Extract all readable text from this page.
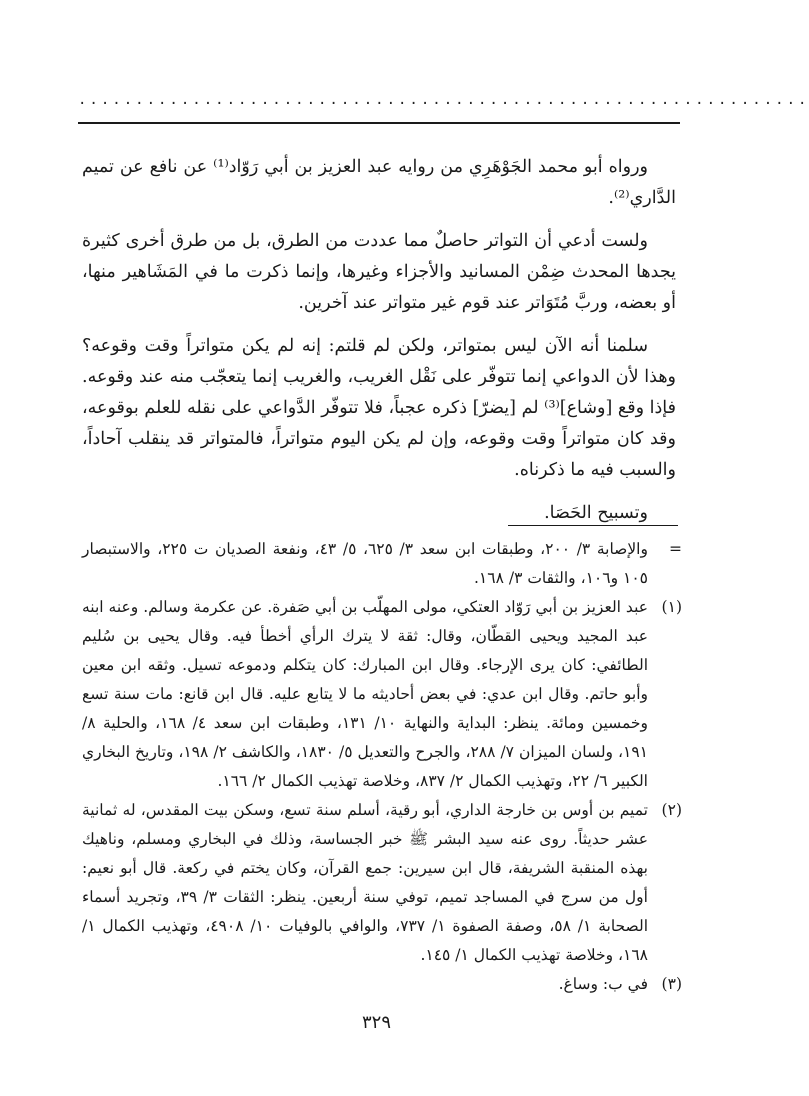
................................................................

ورواه أبو محمد الجَوْهَرِي من روايه عبد العزيز بن أبي رَوّاد⁽¹⁾ عن نافع عن تميم الدَّاري⁽²⁾.

ولست أدعي أن التواتر حاصلٌ مما عددت من الطرق، بل من طرق أخرى كثيرة يجدها المحدث ضِمْن المسانيد والأجزاء وغيرها، وإنما ذكرت ما في المَشَاهير منها، أو بعضه، وربَّ مُتَوَاتر عند قوم غير متواتر عند آخرين.

سلمنا أنه الآن ليس بمتواتر، ولكن لم قلتم: إنه لم يكن متواتراً وقت وقوعه؟ وهذا لأن الدواعي إنما تتوفّر على نَقْل الغريب، والغريب إنما يتعجّب منه عند وقوعه. فإذا وقع [وشاع]⁽³⁾ لم [يضرّ] ذكره عجباً، فلا تتوفّر الدَّواعي على نقله للعلم بوقوعه، وقد كان متواتراً وقت وقوعه، وإن لم يكن اليوم متواتراً، فالمتواتر قد ينقلب آحاداً، والسبب فيه ما ذكرناه.

وتسبيح الحَصَا.

=
والإصابة ٣/ ٢٠٠، وطبقات ابن سعد ٣/ ٦٢٥، ٥/ ٤٣، ونفعة الصديان ت ٢٢٥، والاستبصار ١٠٥ و١٠٦، والثقات ٣/ ١٦٨.
(١)
عبد العزيز بن أبي رَوّاد العتكي، مولى المهلّب بن أبي صَفرة. عن عكرمة وسالم. وعنه ابنه عبد المجيد ويحيى القطّان، وقال: ثقة لا يترك الرأي أخطأ فيه. وقال يحيى بن سُليم الطائفي: كان يرى الإرجاء. وقال ابن المبارك: كان يتكلم ودموعه تسيل. وثقه ابن معين وأبو حاتم. وقال ابن عدي: في بعض أحاديثه ما لا يتابع عليه. قال ابن قانع: مات سنة تسع وخمسين ومائة. ينظر: البداية والنهاية ١٠/ ١٣١، وطبقات ابن سعد ٤/ ١٦٨، والحلية ٨/ ١٩١، ولسان الميزان ٧/ ٢٨٨، والجرح والتعديل ٥/ ١٨٣٠، والكاشف ٢/ ١٩٨، وتاريخ البخاري الكبير ٦/ ٢٢، وتهذيب الكمال ٢/ ٨٣٧، وخلاصة تهذيب الكمال ٢/ ١٦٦.
(٢)
تميم بن أوس بن خارجة الداري، أبو رقية، أسلم سنة تسع، وسكن بيت المقدس، له ثمانية عشر حديثاً. روى عنه سيد البشر ﷺ خبر الجساسة، وذلك في البخاري ومسلم، وناهيك بهذه المنقبة الشريفة، قال ابن سيرين: جمع القرآن، وكان يختم في ركعة. قال أبو نعيم: أول من سرج في المساجد تميم، توفي سنة أربعين. ينظر: الثقات ٣/ ٣٩، وتجريد أسماء الصحابة ١/ ٥٨، وصفة الصفوة ١/ ٧٣٧، والوافي بالوفيات ١٠/ ٤٩٠٨، وتهذيب الكمال ١/ ١٦٨، وخلاصة تهذيب الكمال ١/ ١٤٥.
(٣)
في ب: وساغ.
٣٢٩
